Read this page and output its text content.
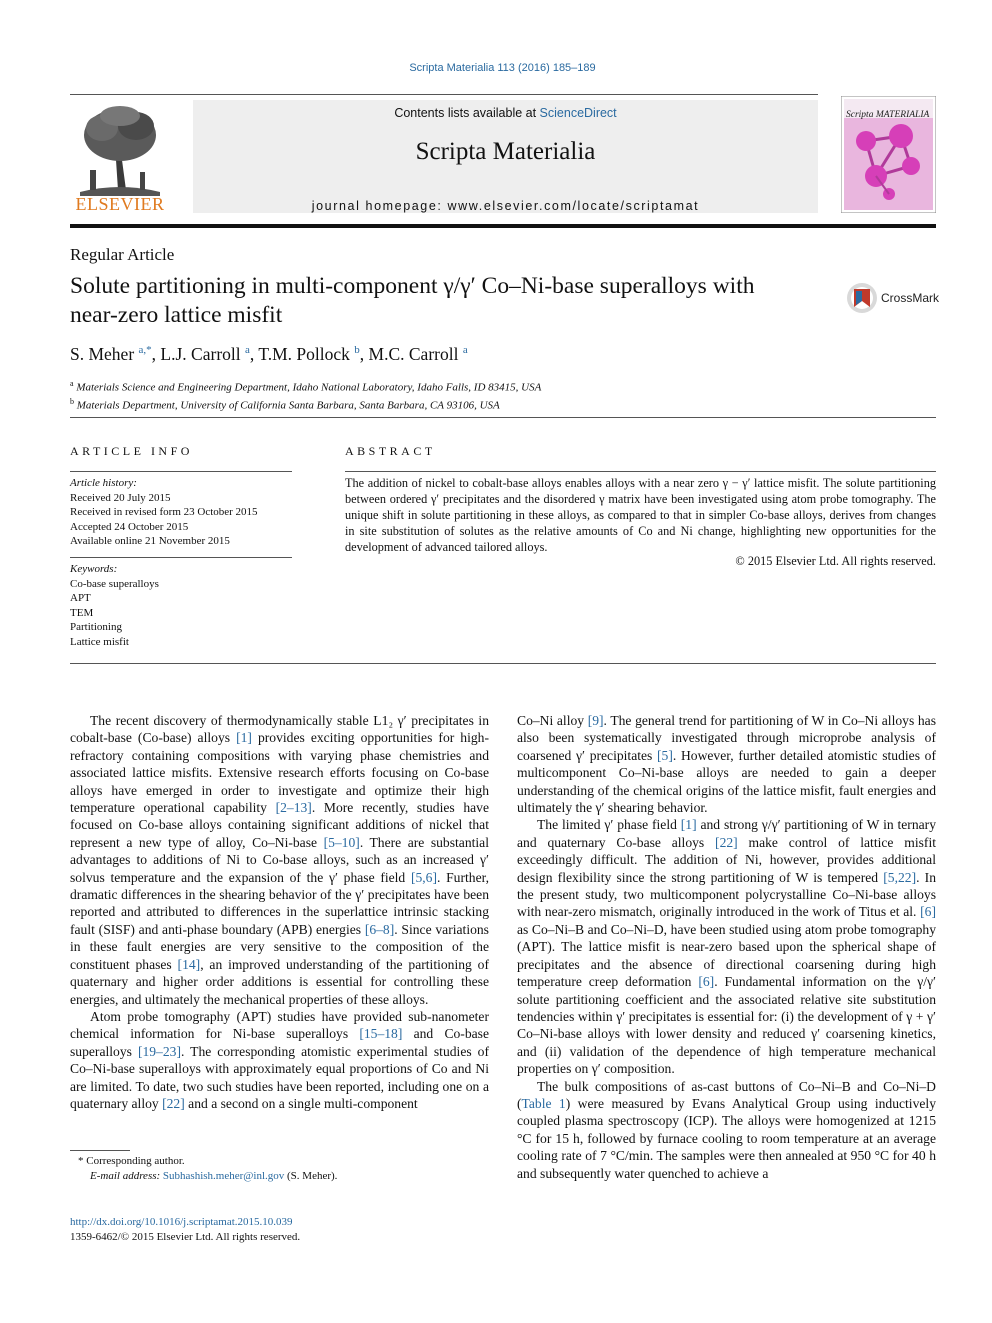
Scripta Materialia 113 (2016) 185–189
ELSEVIER
Contents lists available at ScienceDirect
Scripta Materialia
journal homepage: www.elsevier.com/locate/scriptamat
Scripta MATERIALIA
Regular Article
Solute partitioning in multi-component γ/γ′ Co–Ni-base superalloys with near-zero lattice misfit
CrossMark
S. Meher $^{a,*}$, L.J. Carroll $^a$, T.M. Pollock $^b$, M.C. Carroll $^a$
$^a$ Materials Science and Engineering Department, Idaho National Laboratory, Idaho Falls, ID 83415, USA
$^b$ Materials Department, University of California Santa Barbara, Santa Barbara, CA 93106, USA
ARTICLE INFO	ABSTRACT
Article history:
Received 20 July 2015
Received in revised form 23 October 2015
Accepted 24 October 2015
Available online 21 November 2015
Keywords:
Co-base superalloys
APT
TEM
Partitioning
Lattice misfit
The addition of nickel to cobalt-base alloys enables alloys with a near zero γ − γ′ lattice misfit. The solute partitioning between ordered γ′ precipitates and the disordered γ matrix have been investigated using atom probe tomography. The unique shift in solute partitioning in these alloys, as compared to that in simpler Co-base alloys, derives from changes in site substitution of solutes as the relative amounts of Co and Ni change, highlighting new opportunities for the development of advanced tailored alloys.
© 2015 Elsevier Ltd. All rights reserved.

The recent discovery of thermodynamically stable L1₂ γ′ precipitates in cobalt-base (Co-base) alloys [1] provides exciting opportunities for high-refractory containing compositions with varying phase chemistries and associated lattice misfits. Extensive research efforts focusing on Co-base alloys have emerged in order to investigate and optimize their high temperature operational capability [2–13]. More recently, studies have focused on Co-base alloys containing significant additions of nickel that represent a new type of alloy, Co–Ni-base [5–10]. There are substantial advantages to additions of Ni to Co-base alloys, such as an increased γ′ solvus temperature and the expansion of the γ′ phase field [5,6]. Further, dramatic differences in the shearing behavior of the γ′ precipitates have been reported and attributed to differences in the superlattice intrinsic stacking fault (SISF) and anti-phase boundary (APB) energies [6–8]. Since variations in these fault energies are very sensitive to the composition of the constituent phases [14], an improved understanding of the partitioning of quaternary and higher order additions is essential for controlling these energies, and ultimately the mechanical properties of these alloys.

Atom probe tomography (APT) studies have provided sub-nanometer chemical information for Ni-base superalloys [15–18] and Co-base superalloys [19–23]. The corresponding atomistic experimental studies of Co–Ni-base superalloys with approximately equal proportions of Co and Ni are limited. To date, two such studies have been reported, including one on a quaternary alloy [22] and a second on a single multi-component

Co–Ni alloy [9]. The general trend for partitioning of W in Co–Ni alloys has also been systematically investigated through microprobe analysis of coarsened γ′ precipitates [5]. However, further detailed atomistic studies of multicomponent Co–Ni-base alloys are needed to gain a deeper understanding of the chemical origins of the lattice misfit, fault energies and ultimately the γ′ shearing behavior.

The limited γ′ phase field [1] and strong γ/γ′ partitioning of W in ternary and quaternary Co-base alloys [22] make control of lattice misfit exceedingly difficult. The addition of Ni, however, provides additional design flexibility since the strong partitioning of W is tempered [5,22]. In the present study, two multicomponent polycrystalline Co–Ni-base alloys with near-zero mismatch, originally introduced in the work of Titus et al. [6] as Co–Ni–B and Co–Ni–D, have been studied using atom probe tomography (APT). The lattice misfit is near-zero based upon the spherical shape of precipitates and the absence of directional coarsening during high temperature creep deformation [6]. Fundamental information on the γ/γ′ solute partitioning coefficient and the associated relative site substitution tendencies within γ′ precipitates is essential for: (i) the development of γ + γ′ Co–Ni-base alloys with lower density and reduced γ′ coarsening kinetics, and (ii) validation of the dependence of high temperature mechanical properties on γ′ composition.

The bulk compositions of as-cast buttons of Co–Ni–B and Co–Ni–D (Table 1) were measured by Evans Analytical Group using inductively coupled plasma spectroscopy (ICP). The alloys were homogenized at 1215 °C for 15 h, followed by furnace cooling to room temperature at an average cooling rate of 7 °C/min. The samples were then annealed at 950 °C for 40 h and subsequently water quenched to achieve a

* Corresponding author.
E-mail address: Subhashish.meher@inl.gov (S. Meher).
http://dx.doi.org/10.1016/j.scriptamat.2015.10.039
1359-6462/© 2015 Elsevier Ltd. All rights reserved.
